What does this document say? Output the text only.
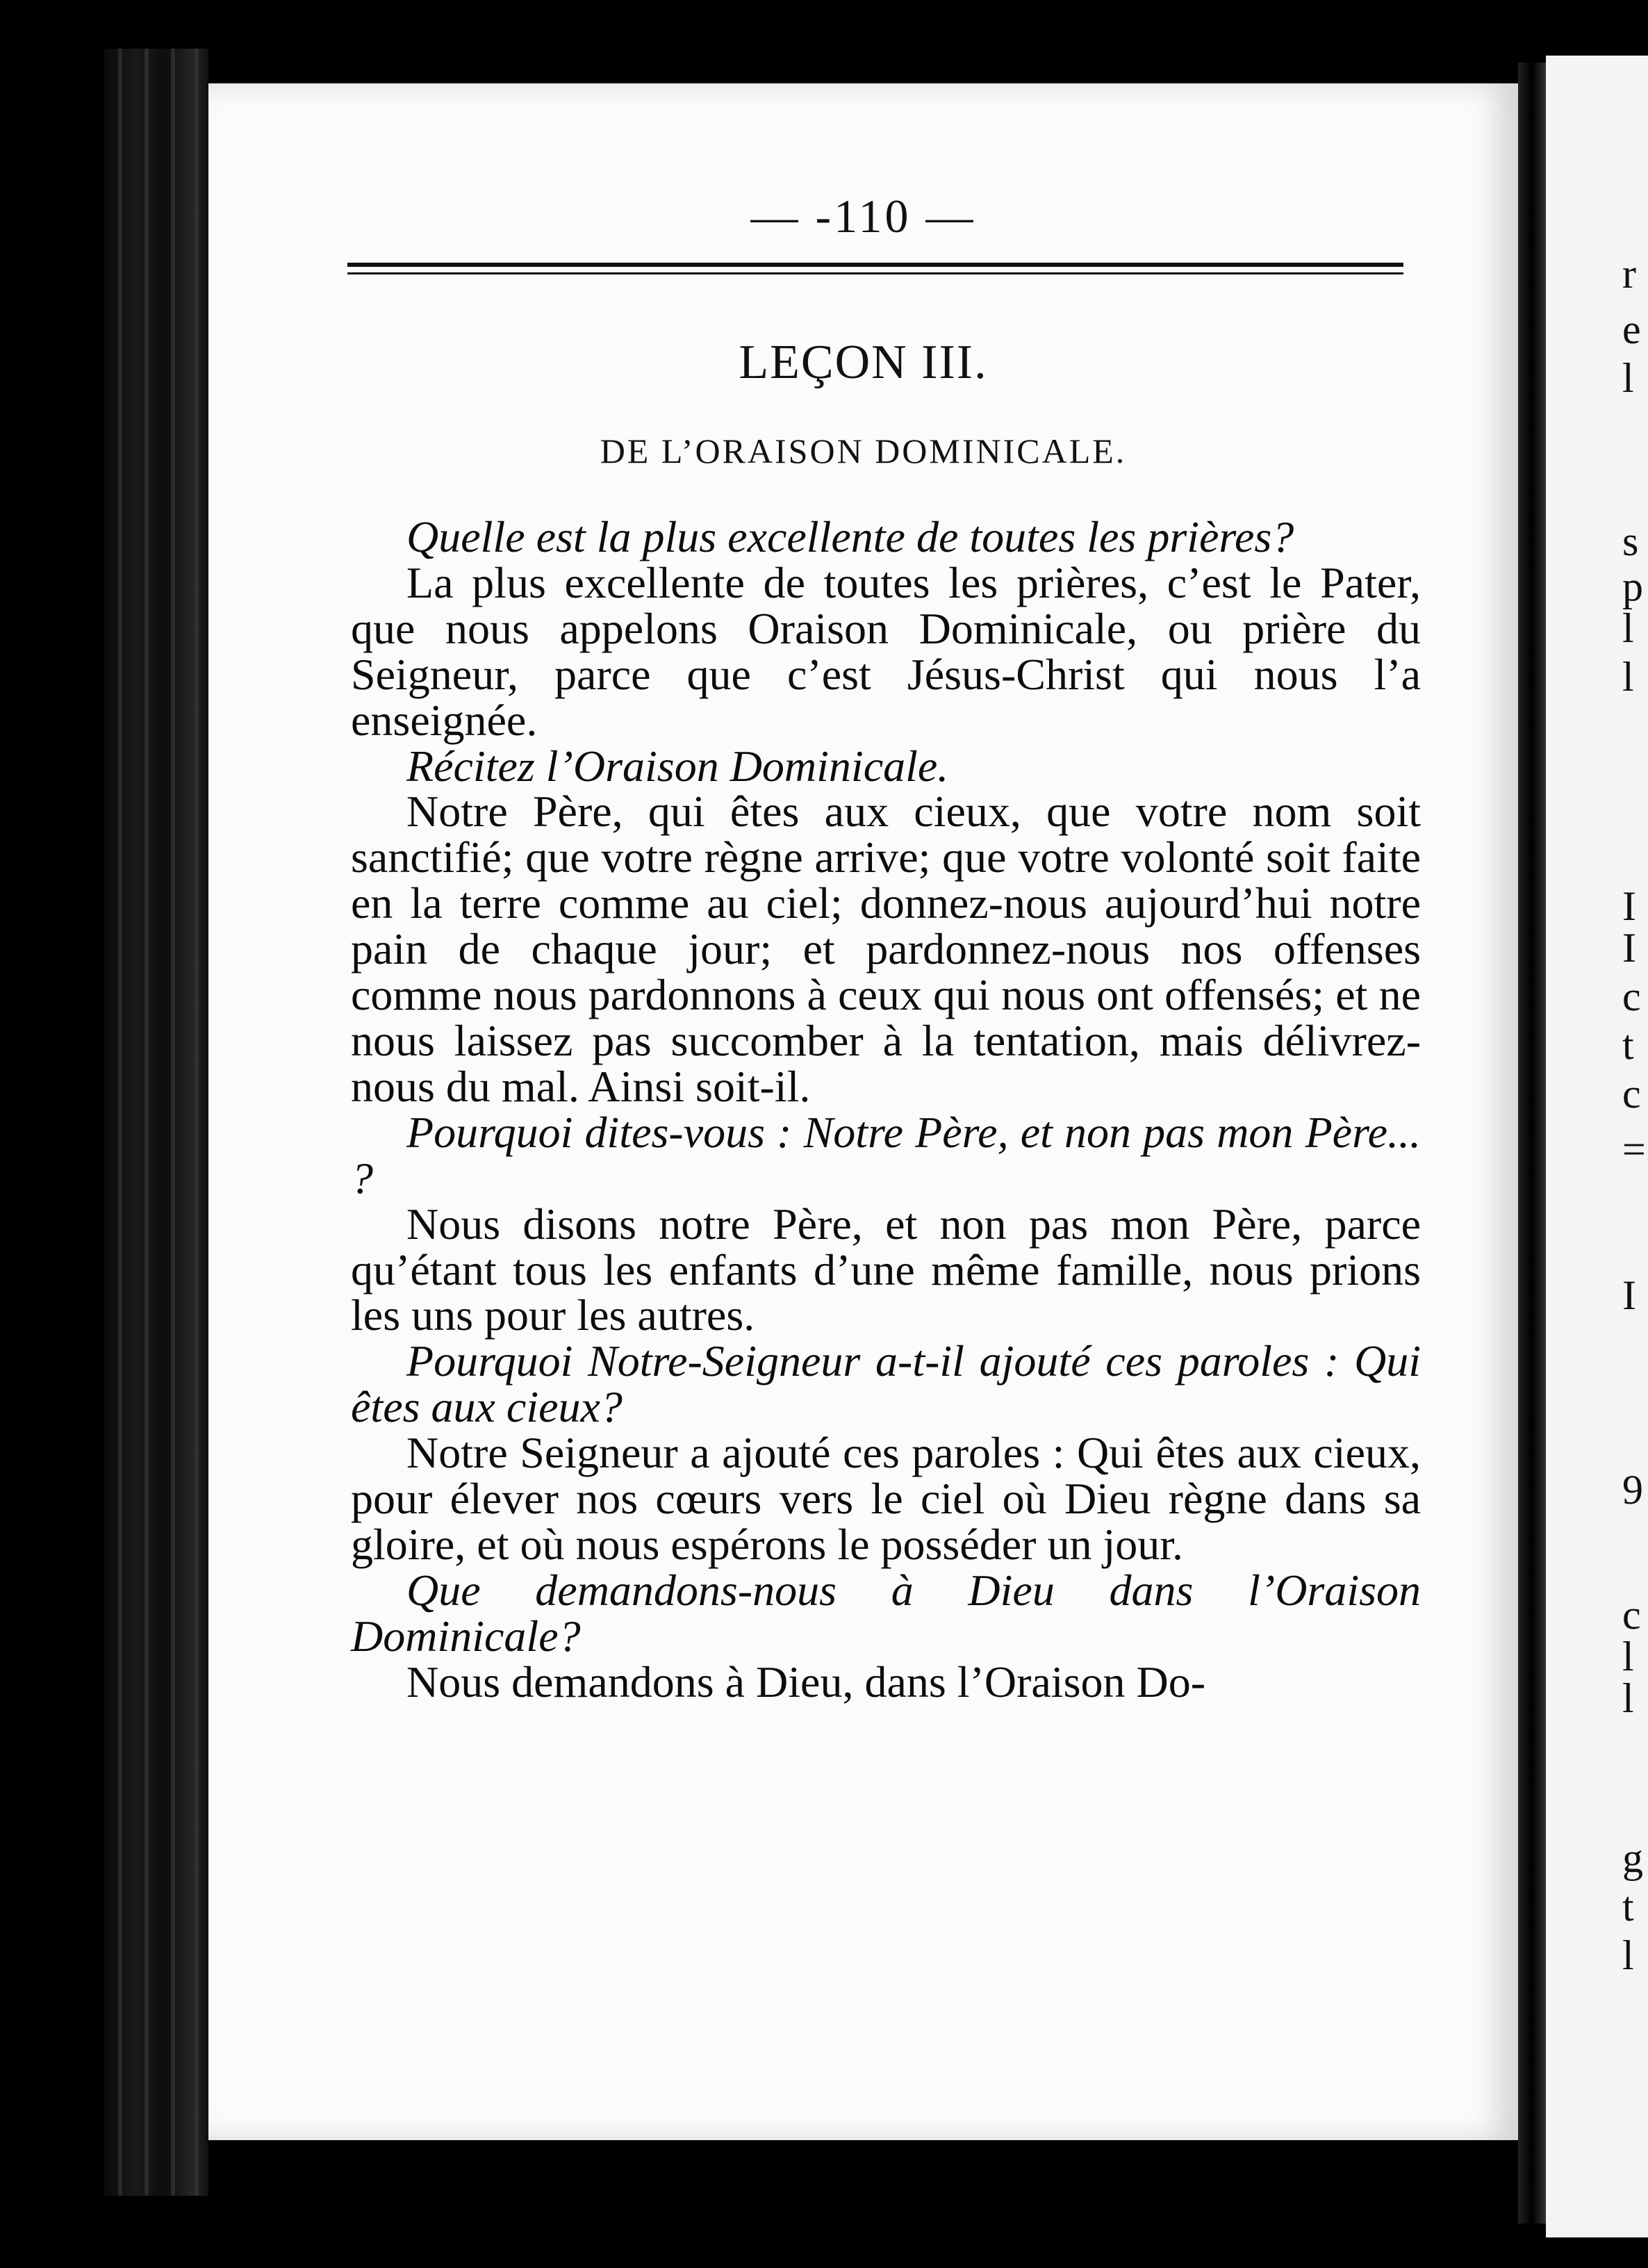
r
e
l
s
p
l
l
I
I
c
t
c
=
I
9
c
l
l
g
t
l
— -110 —
LEÇON III.
DE L’ORAISON DOMINICALE.

Quelle est la plus excellente de toutes les prières?

La plus excellente de toutes les prières, c’est le Pater, que nous appelons Oraison Dominicale, ou prière du Seigneur, parce que c’est Jésus-Christ qui nous l’a enseignée.

Récitez l’Oraison Dominicale.

Notre Père, qui êtes aux cieux, que votre nom soit sanctifié; que votre règne arrive; que votre volonté soit faite en la terre comme au ciel; donnez-nous aujourd’hui notre pain de chaque jour; et pardonnez-nous nos offenses comme nous pardonnons à ceux qui nous ont offensés; et ne nous laissez pas succomber à la tentation, mais délivrez-nous du mal. Ainsi soit-il.

Pourquoi dites-vous : Notre Père, et non pas mon Père... ?

Nous disons notre Père, et non pas mon Père, parce qu’étant tous les enfants d’une même famille, nous prions les uns pour les autres.

Pourquoi Notre-Seigneur a-t-il ajouté ces paroles : Qui êtes aux cieux?

Notre Seigneur a ajouté ces paroles : Qui êtes aux cieux, pour élever nos cœurs vers le ciel où Dieu règne dans sa gloire, et où nous espérons le posséder un jour.

Que demandons-nous à Dieu dans l’Oraison Dominicale?

Nous demandons à Dieu, dans l’Oraison Do-
